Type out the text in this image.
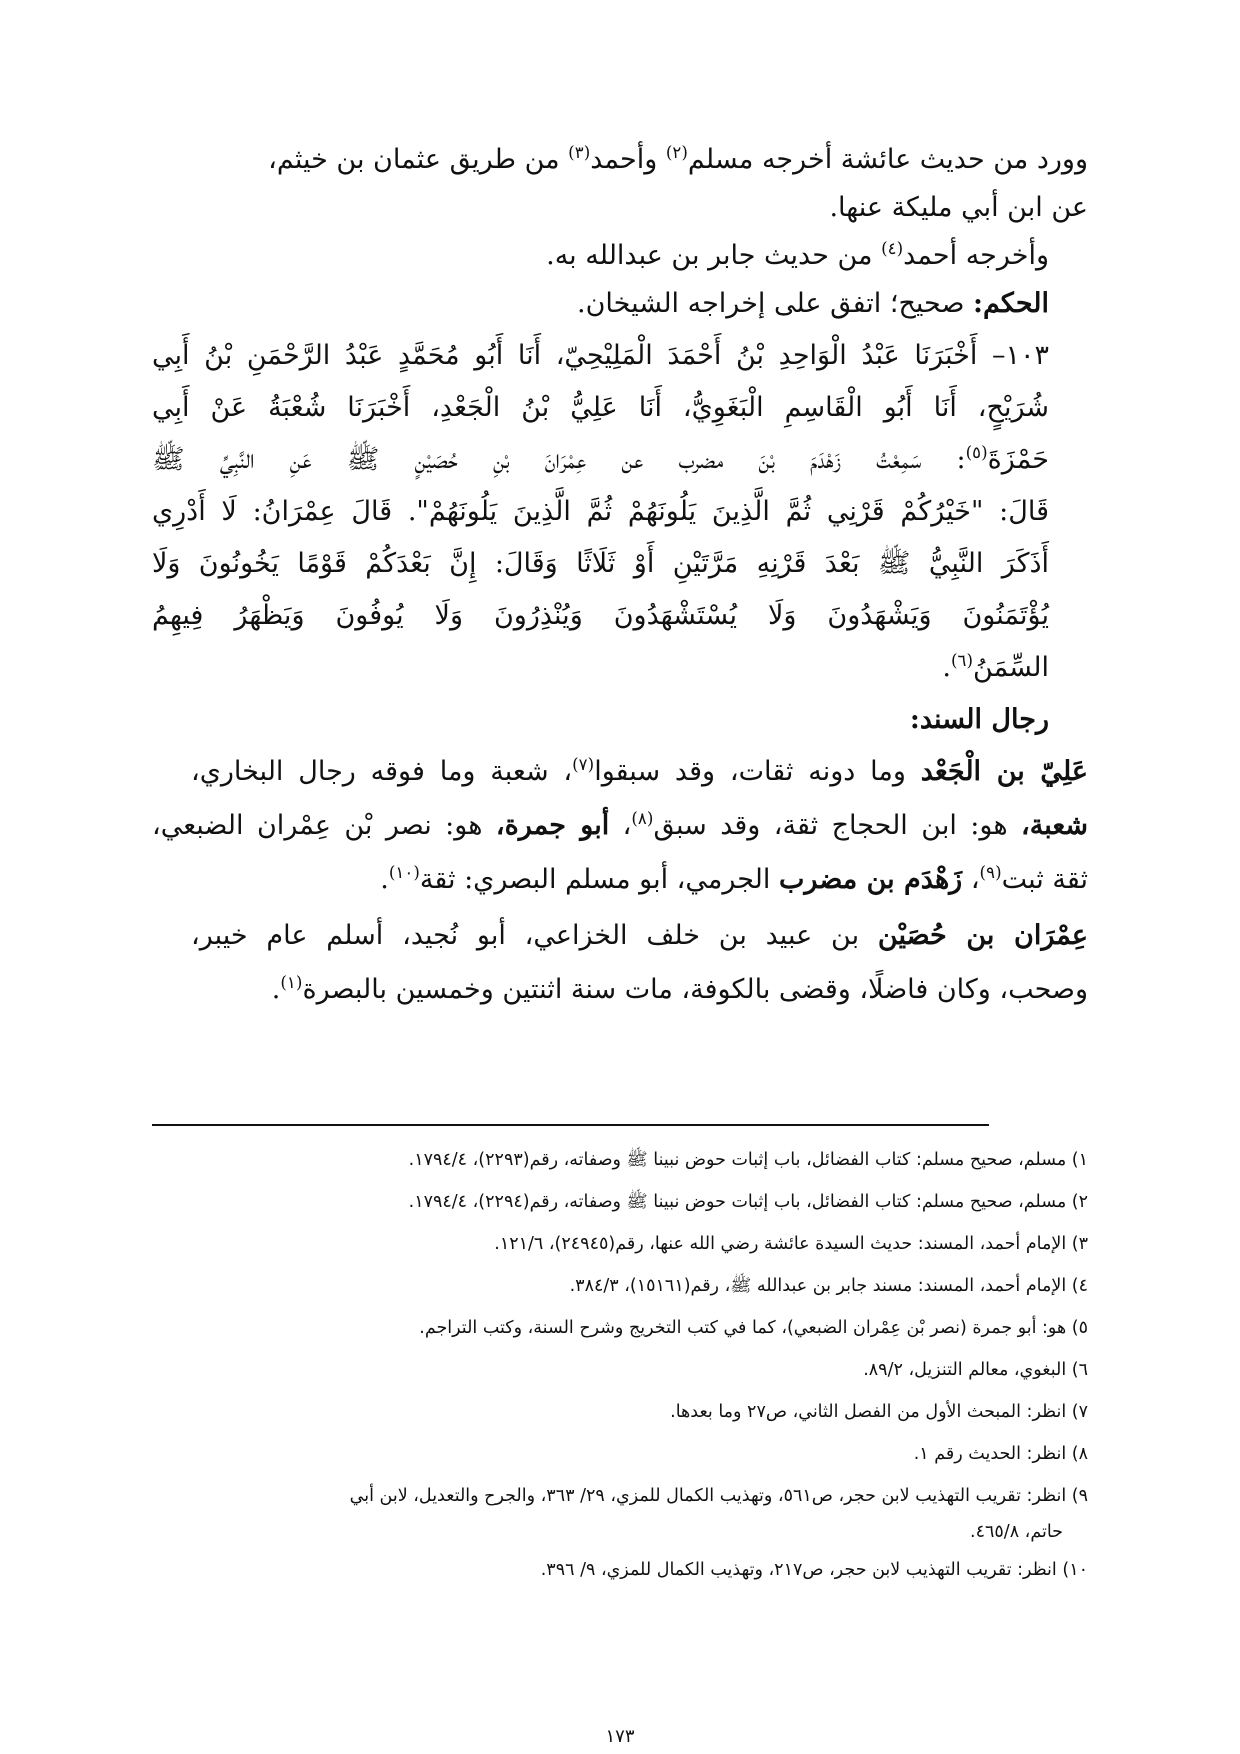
وورد من حديث عائشة أخرجه مسلم$^{(٢)}$ وأحمد$^{(٣)}$ من طريق عثمان بن خيثم،
عن ابن أبي مليكة عنها.
وأخرجه أحمد$^{(٤)}$ من حديث جابر بن عبدالله به.
الحكم: صحيح؛ اتفق على إخراجه الشيخان.
١٠٣– أَخْبَرَنَا عَبْدُ الْوَاحِدِ بْنُ أَحْمَدَ الْمَلِيْحِيّ، أَنَا أَبُو مُحَمَّدٍ عَبْدُ الرَّحْمَنِ بْنُ أَبِي
شُرَيْحٍ، أَنَا أَبُو الْقَاسِمِ الْبَغَوِيُّ، أَنَا عَلِيُّ بْنُ الْجَعْدِ، أَخْبَرَنَا شُعْبَةُ عَنْ أَبِي
حَمْزَةَ$^{(٥)}$: سَمِعْتُ زَهْدَمَ بْنَ مضرب عن عِمْرَانَ بْنِ حُصَيْنٍ ﷺ عَنِ النَّبِيِّ ﷺ
قَالَ: "خَيْرُكُمْ قَرْنِي ثُمَّ الَّذِينَ يَلُونَهُمْ ثُمَّ الَّذِينَ يَلُونَهُمْ". قَالَ عِمْرَانُ: لَا أَدْرِي
أَذَكَرَ النَّبِيُّ ﷺ بَعْدَ قَرْنِهِ مَرَّتَيْنِ أَوْ ثَلَاثًا وَقَالَ: إِنَّ بَعْدَكُمْ قَوْمًا يَخُونُونَ وَلَا
يُؤْتَمَنُونَ وَيَشْهَدُونَ وَلَا يُسْتَشْهَدُونَ وَيُنْذِرُونَ وَلَا يُوفُونَ وَيَظْهَرُ فِيهِمُ
السِّمَنُ$^{(٦)}$.
رجال السند:
عَلِيّ بن الْجَعْد وما دونه ثقات، وقد سبقوا$^{(٧)}$، شعبة وما فوقه رجال البخاري،
شعبة، هو: ابن الحجاج ثقة، وقد سبق$^{(٨)}$، أبو جمرة، هو: نصر بْن عِمْران الضبعي،
ثقة ثبت$^{(٩)}$، زَهْدَم بن مضرب الجرمي، أبو مسلم البصري: ثقة$^{(١٠)}$.
عِمْرَان بن حُصَيْن بن عبيد بن خلف الخزاعي، أبو نُجيد، أسلم عام خيبر،
وصحب، وكان فاضلًا، وقضى بالكوفة، مات سنة اثنتين وخمسين بالبصرة$^{(١)}$.
١) مسلم، صحيح مسلم: كتاب الفضائل، باب إثبات حوض نبينا ﷺ وصفاته، رقم(٢٢٩٣)، ١٧٩٤/٤.
٢) مسلم، صحيح مسلم: كتاب الفضائل، باب إثبات حوض نبينا ﷺ وصفاته، رقم(٢٢٩٤)، ١٧٩٤/٤.
٣) الإمام أحمد، المسند: حديث السيدة عائشة رضي الله عنها، رقم(٢٤٩٤٥)، ١٢١/٦.
٤) الإمام أحمد، المسند: مسند جابر بن عبدالله ﷺ، رقم(١٥١٦١)، ٣٨٤/٣.
٥) هو: أبو جمرة (نصر بْن عِمْران الضبعي)، كما في كتب التخريج وشرح السنة، وكتب التراجم.
٦) البغوي، معالم التنزيل، ٨٩/٢.
٧) انظر: المبحث الأول من الفصل الثاني، ص٢٧ وما بعدها.
٨) انظر: الحديث رقم ١.
٩) انظر: تقريب التهذيب لابن حجر، ص٥٦١، وتهذيب الكمال للمزي، ٢٩/ ٣٦٣، والجرح والتعديل، لابن أبي
حاتم، ٤٦٥/٨.
١٠) انظر: تقريب التهذيب لابن حجر، ص٢١٧، وتهذيب الكمال للمزي، ٩/ ٣٩٦.
١٧٣
